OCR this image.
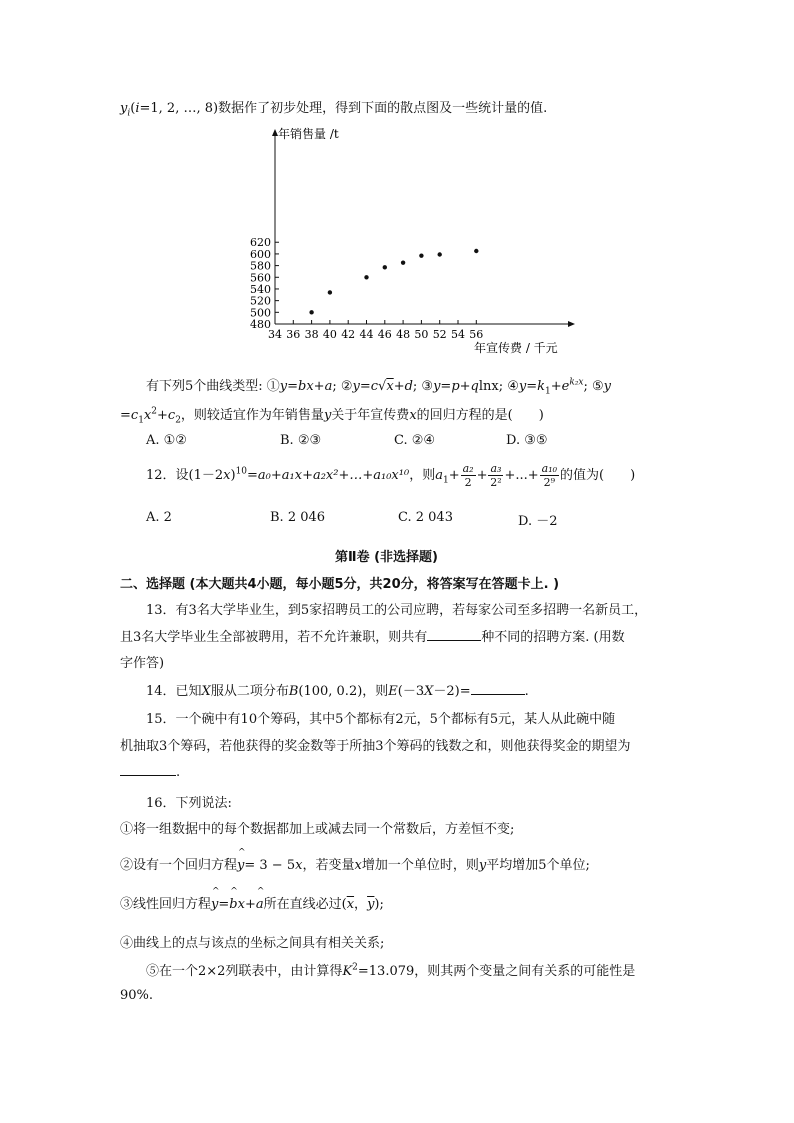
$y_i(i=1$, 2, …, 8)数据作了初步处理，得到下面的散点图及一些统计量的值.
34 36 38 40 42 44 46 48 50 52 54 56
480
500
520
540
560
580
600
620
年销售量 /t
年宣传费 / 千元
有下列5个曲线类型: ①y=bx+a; ②y=c√x+d; ③y=p+qlnx; $④y=k_1+e^{k_2x}$; ⑤y
$=c_1x^2+c_2$，则较适宜作为年销售量y关于年宣传费x的回归方程的是(　　)
A. ①②	B. ②③	C. ②④	D. ③⑤
12．设$(1-2x)^{10}=a_0+a_1x+a_2x^2+\dots+a_{10}x^{10}$，则$a_1+ \frac{\text{a₂}}{2} + \frac{\text{a₃}}{\text{2²}}$ +...+ $\frac{\text{a₁₀}}{\text{2⁹}}$ 的值为(　　)
A. 2	B. 2 046	C. 2 043	D. －2
第Ⅱ卷 (非选择题)
二、选择题 (本大题共4小题，每小题5分，共20分，将答案写在答题卡上. )
13．有3名大学毕业生，到5家招聘员工的公司应聘，若每家公司至多招聘一名新员工，
且3名大学毕业生全部被聘用，若不允许兼职，则共有	种不同的招聘方案. (用数
字作答)
14．已知X服从二项分布B(100, 0.2)，则E(－3X－2)=	.
15．一个碗中有10个筹码，其中5个都标有2元，5个都标有5元，某人从此碗中随
机抽取3个筹码，若他获得的奖金数等于所抽3个筹码的钱数之和，则他获得奖金的期望为
.
16．下列说法:
①将一组数据中的每个数据都加上或减去同一个常数后，方差恒不变;
②设有一个回归方程^ y= 3 − 5x，若变量x增加一个单位时，则y平均增加5个单位;
③线性回归方程^ y=^ bx+^ a所在直线必过($\overline{x}$，$\overline{y}$);
④曲线上的点与该点的坐标之间具有相关关系;
⑤在一个2×2列联表中，由计算得$K^2=13.079$，则其两个变量之间有关系的可能性是
90%.
